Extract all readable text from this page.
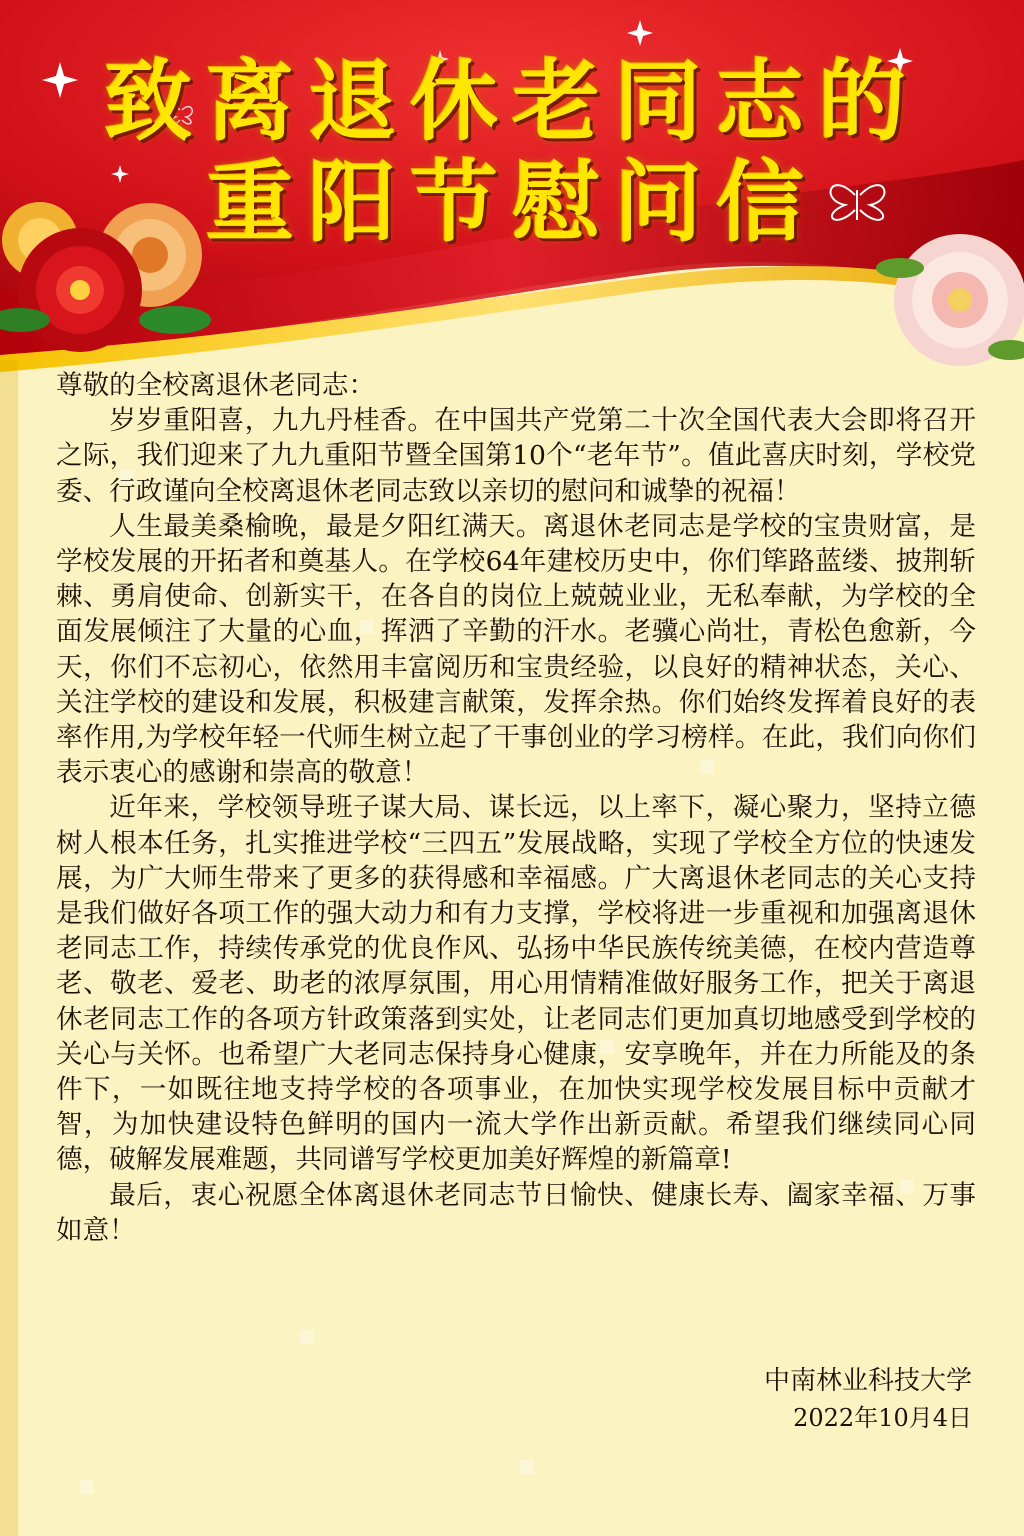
致离退休老同志的
重阳节慰问信

尊敬的全校离退休老同志：

岁岁重阳喜，九九丹桂香。在中国共产党第二十次全国代表大会即将召开之际，我们迎来了九九重阳节暨全国第10个“老年节”。值此喜庆时刻，学校党委、行政谨向全校离退休老同志致以亲切的慰问和诚挚的祝福！

人生最美桑榆晚，最是夕阳红满天。离退休老同志是学校的宝贵财富，是学校发展的开拓者和奠基人。在学校64年建校历史中，你们筚路蓝缕、披荆斩棘、勇肩使命、创新实干，在各自的岗位上兢兢业业，无私奉献，为学校的全面发展倾注了大量的心血，挥洒了辛勤的汗水。老骥心尚壮，青松色愈新，今天，你们不忘初心，依然用丰富阅历和宝贵经验，以良好的精神状态，关心、关注学校的建设和发展，积极建言献策，发挥余热。你们始终发挥着良好的表率作用,为学校年轻一代师生树立起了干事创业的学习榜样。在此，我们向你们表示衷心的感谢和崇高的敬意！

近年来，学校领导班子谋大局、谋长远，以上率下，凝心聚力，坚持立德树人根本任务，扎实推进学校“三四五”发展战略，实现了学校全方位的快速发展，为广大师生带来了更多的获得感和幸福感。广大离退休老同志的关心支持是我们做好各项工作的强大动力和有力支撑，学校将进一步重视和加强离退休老同志工作，持续传承党的优良作风、弘扬中华民族传统美德，在校内营造尊老、敬老、爱老、助老的浓厚氛围，用心用情精准做好服务工作，把关于离退休老同志工作的各项方针政策落到实处，让老同志们更加真切地感受到学校的关心与关怀。也希望广大老同志保持身心健康，安享晚年，并在力所能及的条件下，一如既往地支持学校的各项事业，在加快实现学校发展目标中贡献才智，为加快建设特色鲜明的国内一流大学作出新贡献。希望我们继续同心同德，破解发展难题，共同谱写学校更加美好辉煌的新篇章!

最后，衷心祝愿全体离退休老同志节日愉快、健康长寿、阖家幸福、万事如意！

中南林业科技大学
2022年10月4日
